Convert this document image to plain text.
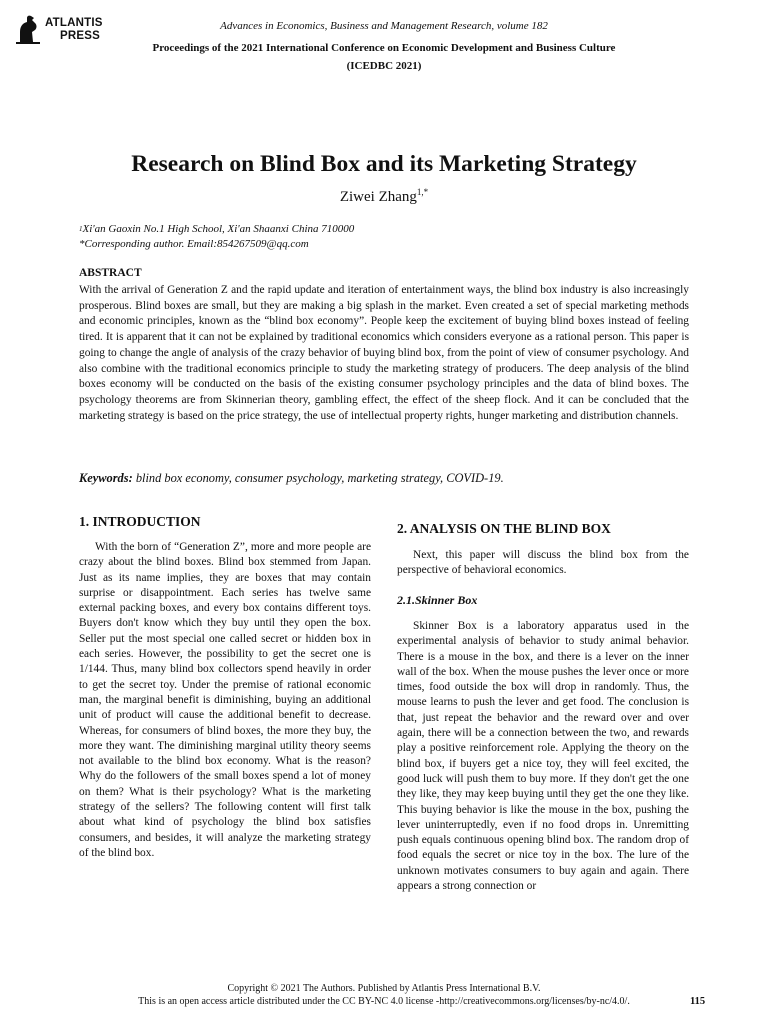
ATLANTIS
PRESS
Advances in Economics, Business and Management Research, volume 182
Proceedings of the 2021 International Conference on Economic Development and Business Culture (ICEDBC 2021)
Research on Blind Box and its Marketing Strategy
Ziwei Zhang$^{1,*}$
$^1$Xi'an Gaoxin No.1 High School, Xi'an Shaanxi China 710000
*Corresponding author. Email:854267509@qq.com
ABSTRACT
With the arrival of Generation Z and the rapid update and iteration of entertainment ways, the blind box industry is also increasingly prosperous. Blind boxes are small, but they are making a big splash in the market. Even created a set of special marketing methods and economic principles, known as the “blind box economy”. People keep the excitement of buying blind boxes instead of feeling tired. It is apparent that it can not be explained by traditional economics which considers everyone as a rational person. This paper is going to change the angle of analysis of the crazy behavior of buying blind box, from the point of view of consumer psychology. And also combine with the traditional economics principle to study the marketing strategy of producers. The deep analysis of the blind boxes economy will be conducted on the basis of the existing consumer psychology principles and the data of blind boxes. The psychology theorems are from Skinnerian theory, gambling effect, the effect of the sheep flock. And it can be concluded that the marketing strategy is based on the price strategy, the use of intellectual property rights, hunger marketing and distribution channels.
Keywords: blind box economy, consumer psychology, marketing strategy, COVID-19.
1. INTRODUCTION
With the born of “Generation Z”, more and more people are crazy about the blind boxes. Blind box stemmed from Japan. Just as its name implies, they are boxes that may contain surprise or disappointment. Each series has twelve same external packing boxes, and every box contains different toys. Buyers don't know which they buy until they open the box. Seller put the most special one called secret or hidden box in each series. However, the possibility to get the secret one is 1/144. Thus, many blind box collectors spend heavily in order to get the secret toy. Under the premise of rational economic man, the marginal benefit is diminishing, buying an additional unit of product will cause the additional benefit to decrease. Whereas, for consumers of blind boxes, the more they buy, the more they want. The diminishing marginal utility theory seems not available to the blind box economy. What is the reason? Why do the followers of the small boxes spend a lot of money on them? What is their psychology? What is the marketing strategy of the sellers? The following content will first talk about what kind of psychology the blind box satisfies consumers, and besides, it will analyze the marketing strategy of the blind box.
2. ANALYSIS ON THE BLIND BOX
Next, this paper will discuss the blind box from the perspective of behavioral economics.
2.1.Skinner Box
Skinner Box is a laboratory apparatus used in the experimental analysis of behavior to study animal behavior. There is a mouse in the box, and there is a lever on the inner wall of the box. When the mouse pushes the lever once or more times, food outside the box will drop in randomly. Thus, the mouse learns to push the lever and get food. The conclusion is that, just repeat the behavior and the reward over and over again, there will be a connection between the two, and rewards play a positive reinforcement role. Applying the theory on the blind box, if buyers get a nice toy, they will feel excited, the good luck will push them to buy more. If they don't get the one they like, they may keep buying until they get the one they like. This buying behavior is like the mouse in the box, pushing the lever uninterruptedly, even if no food drops in. Unremitting push equals continuous opening blind box. The random drop of food equals the secret or nice toy in the box. The lure of the unknown motivates consumers to buy again and again. There appears a strong connection or
Copyright © 2021 The Authors. Published by Atlantis Press International B.V.
This is an open access article distributed under the CC BY-NC 4.0 license -http://creativecommons.org/licenses/by-nc/4.0/.	115
